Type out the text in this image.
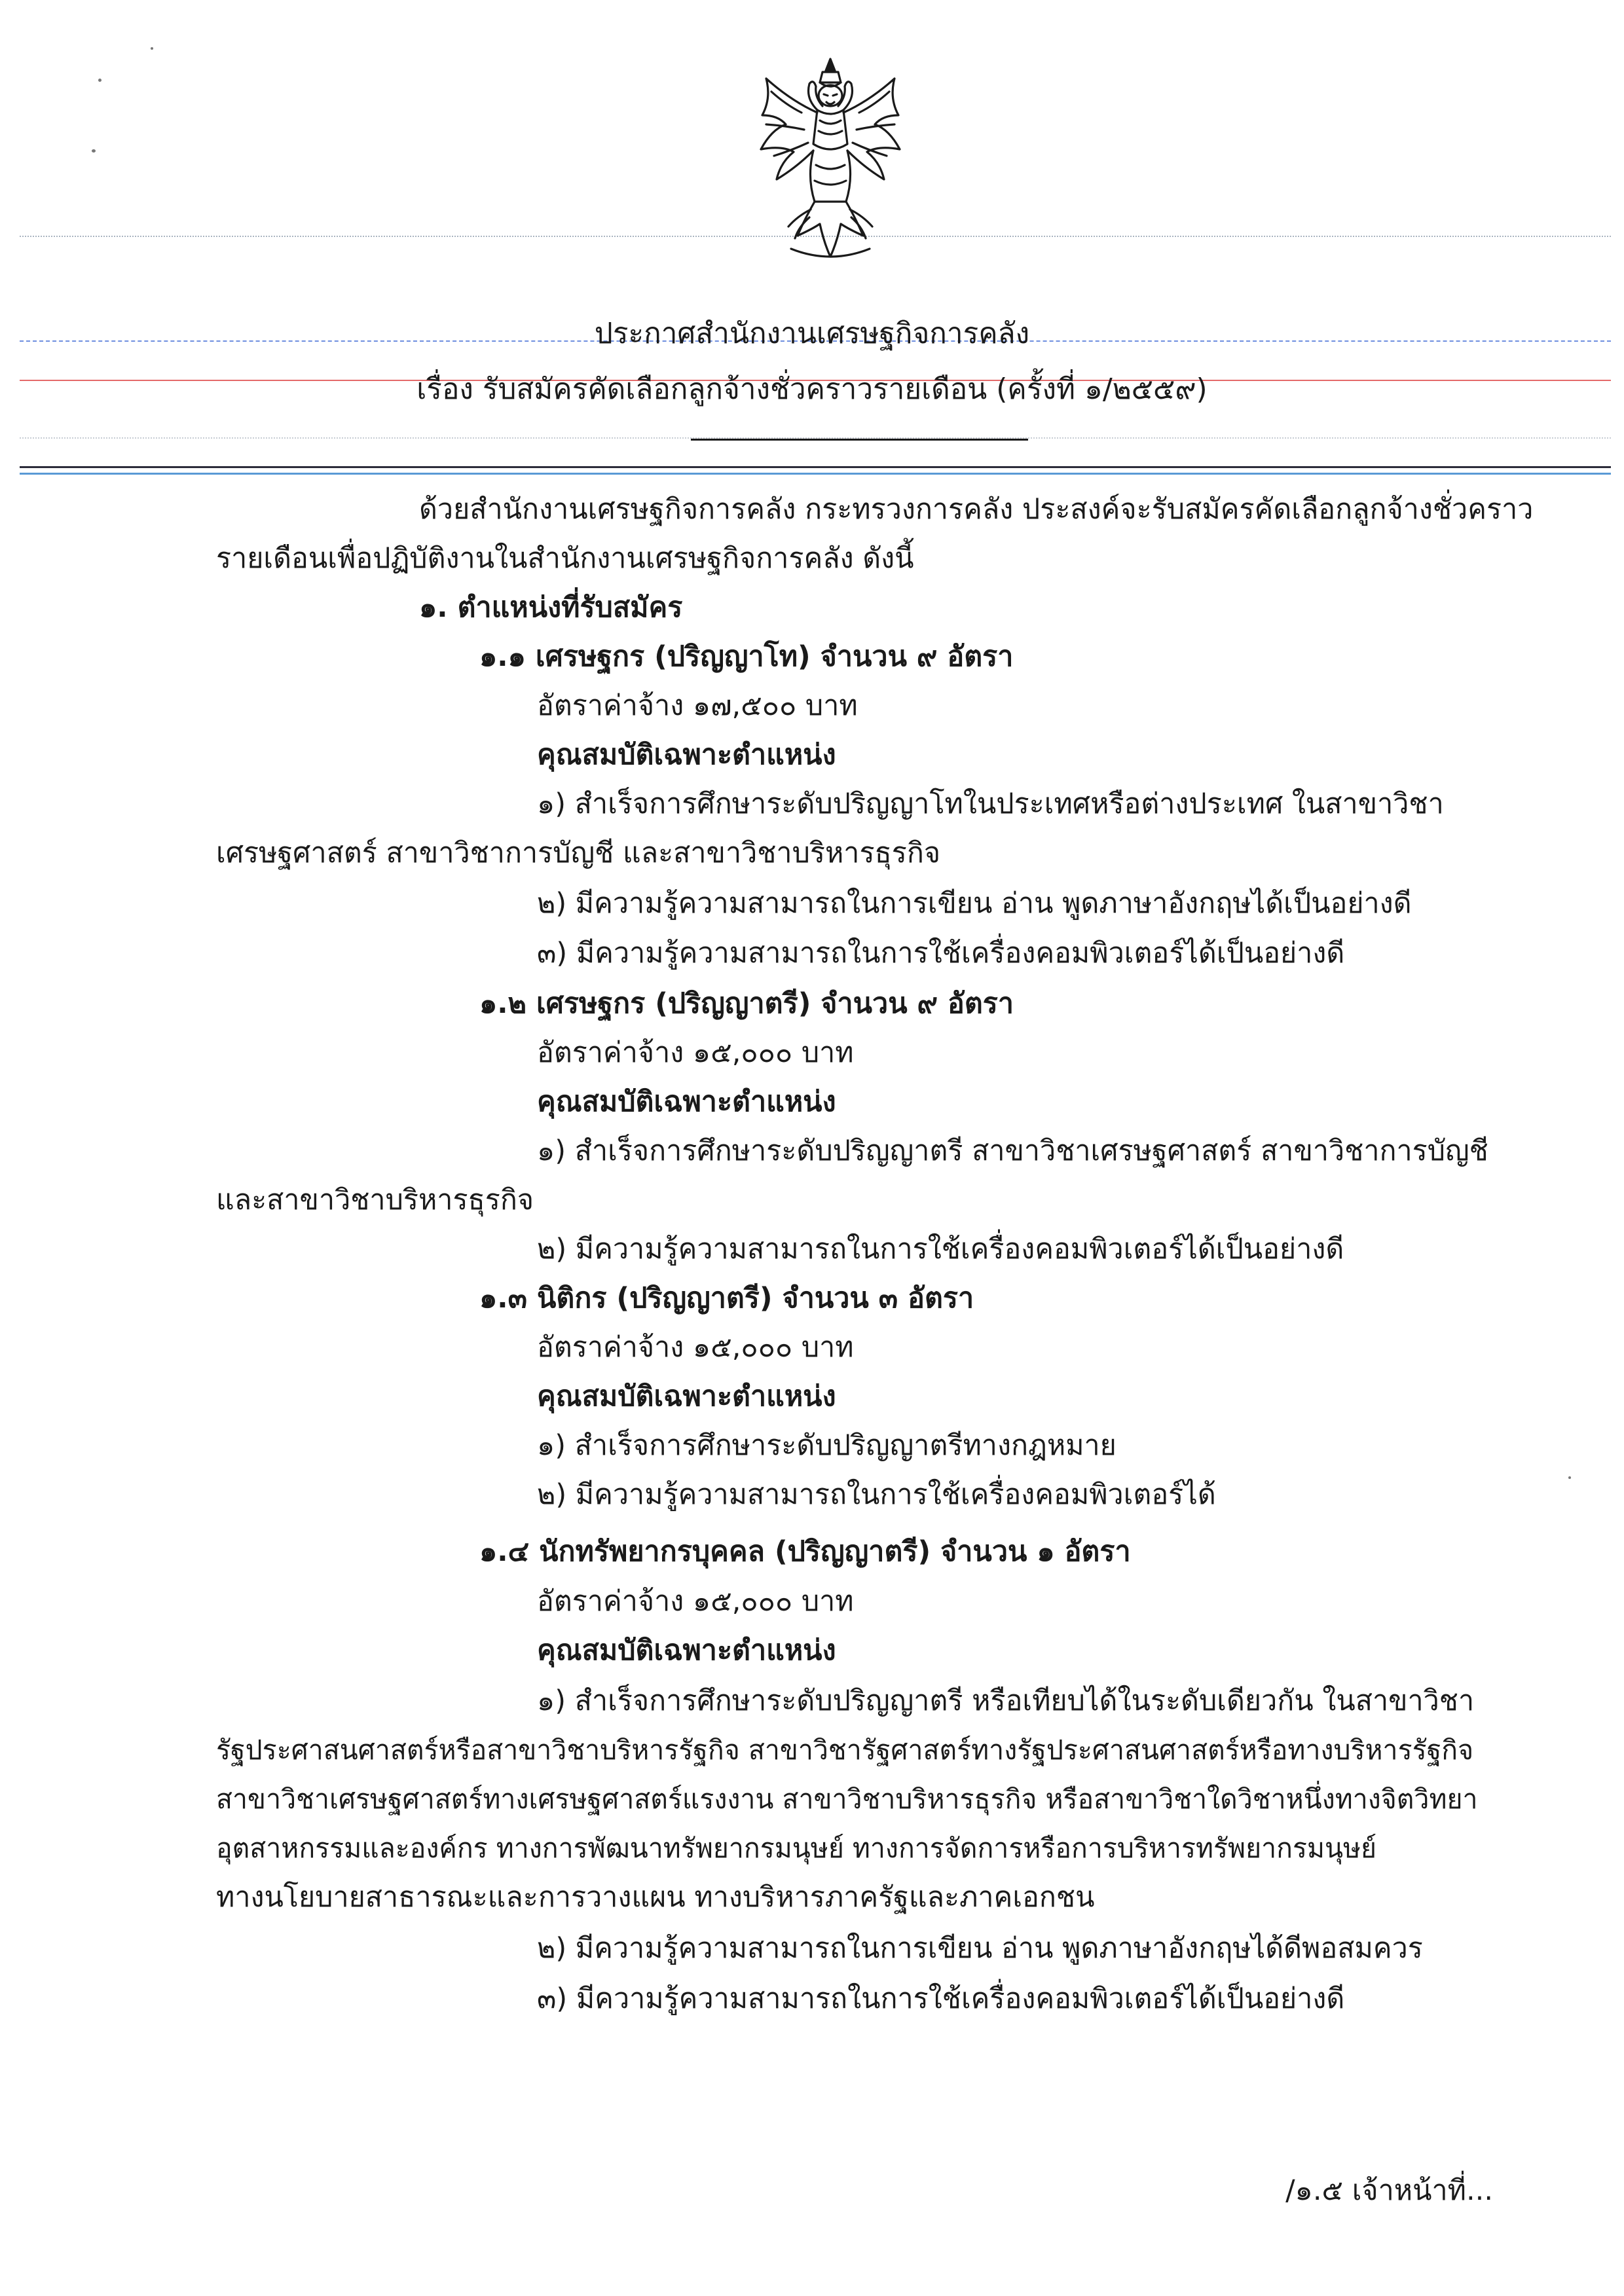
ประกาศสำนักงานเศรษฐกิจการคลัง
เรื่อง รับสมัครคัดเลือกลูกจ้างชั่วคราวรายเดือน (ครั้งที่ ๑/๒๕๕๙)
ด้วยสำนักงานเศรษฐกิจการคลัง กระทรวงการคลัง ประสงค์จะรับสมัครคัดเลือกลูกจ้างชั่วคราว
รายเดือนเพื่อปฏิบัติงานในสำนักงานเศรษฐกิจการคลัง ดังนี้
๑. ตำแหน่งที่รับสมัคร
๑.๑ เศรษฐกร (ปริญญาโท) จำนวน ๙ อัตรา
อัตราค่าจ้าง ๑๗,๕๐๐ บาท
คุณสมบัติเฉพาะตำแหน่ง
๑) สำเร็จการศึกษาระดับปริญญาโทในประเทศหรือต่างประเทศ ในสาขาวิชา
เศรษฐศาสตร์ สาขาวิชาการบัญชี และสาขาวิชาบริหารธุรกิจ
๒) มีความรู้ความสามารถในการเขียน อ่าน พูดภาษาอังกฤษได้เป็นอย่างดี
๓) มีความรู้ความสามารถในการใช้เครื่องคอมพิวเตอร์ได้เป็นอย่างดี
๑.๒ เศรษฐกร (ปริญญาตรี) จำนวน ๙ อัตรา
อัตราค่าจ้าง ๑๕,๐๐๐ บาท
คุณสมบัติเฉพาะตำแหน่ง
๑) สำเร็จการศึกษาระดับปริญญาตรี สาขาวิชาเศรษฐศาสตร์ สาขาวิชาการบัญชี
และสาขาวิชาบริหารธุรกิจ
๒) มีความรู้ความสามารถในการใช้เครื่องคอมพิวเตอร์ได้เป็นอย่างดี
๑.๓ นิติกร (ปริญญาตรี) จำนวน ๓ อัตรา
อัตราค่าจ้าง ๑๕,๐๐๐ บาท
คุณสมบัติเฉพาะตำแหน่ง
๑) สำเร็จการศึกษาระดับปริญญาตรีทางกฎหมาย
๒) มีความรู้ความสามารถในการใช้เครื่องคอมพิวเตอร์ได้
๑.๔ นักทรัพยากรบุคคล (ปริญญาตรี) จำนวน ๑ อัตรา
อัตราค่าจ้าง ๑๕,๐๐๐ บาท
คุณสมบัติเฉพาะตำแหน่ง
๑) สำเร็จการศึกษาระดับปริญญาตรี หรือเทียบได้ในระดับเดียวกัน ในสาขาวิชา
รัฐประศาสนศาสตร์หรือสาขาวิชาบริหารรัฐกิจ สาขาวิชารัฐศาสตร์ทางรัฐประศาสนศาสตร์หรือทางบริหารรัฐกิจ
สาขาวิชาเศรษฐศาสตร์ทางเศรษฐศาสตร์แรงงาน สาขาวิชาบริหารธุรกิจ หรือสาขาวิชาใดวิชาหนึ่งทางจิตวิทยา
อุตสาหกรรมและองค์กร ทางการพัฒนาทรัพยากรมนุษย์ ทางการจัดการหรือการบริหารทรัพยากรมนุษย์
ทางนโยบายสาธารณะและการวางแผน ทางบริหารภาครัฐและภาคเอกชน
๒) มีความรู้ความสามารถในการเขียน อ่าน พูดภาษาอังกฤษได้ดีพอสมควร
๓) มีความรู้ความสามารถในการใช้เครื่องคอมพิวเตอร์ได้เป็นอย่างดี
/๑.๕ เจ้าหน้าที่...
